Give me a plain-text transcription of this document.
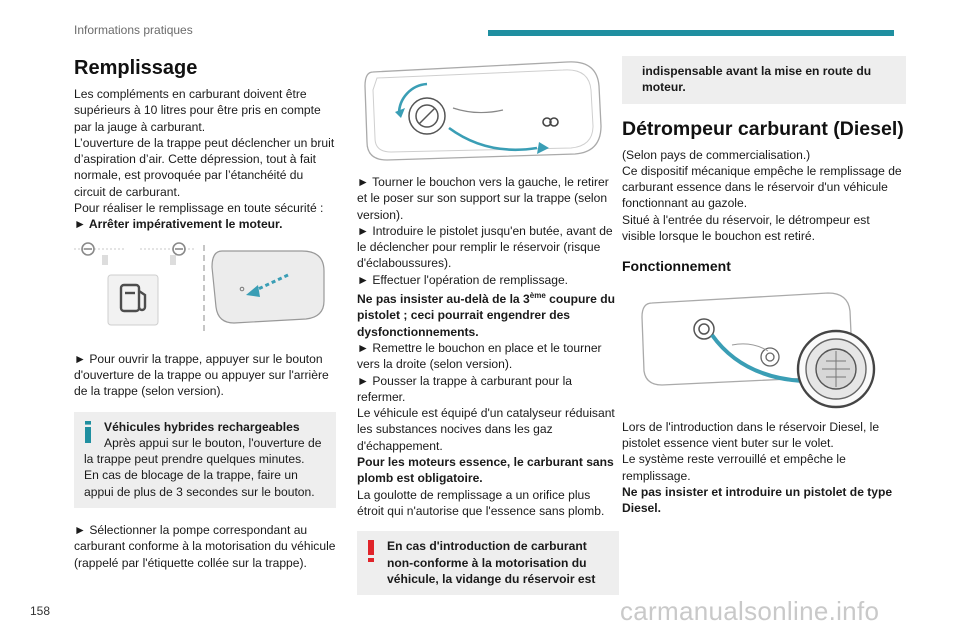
Informations pratiques
Remplissage

Les compléments en carburant doivent être supérieurs à 10 litres pour être pris en compte par la jauge à carburant.

L’ouverture de la trappe peut déclencher un bruit d’aspiration d’air. Cette dépression, tout à fait normale, est provoquée par l’étanchéité du circuit de carburant.

Pour réaliser le remplissage en toute sécurité :

► Arrêter impérativement le moteur.

► Pour ouvrir la trappe, appuyer sur le bouton d'ouverture de la trappe ou appuyer sur l'arrière de la trappe (selon version).

Véhicules hybrides rechargeables
Après appui sur le bouton, l'ouverture de la trappe peut prendre quelques minutes.
En cas de blocage de la trappe, faire un appui de plus de 3 secondes sur le bouton.

► Sélectionner la pompe correspondant au carburant conforme à la motorisation du véhicule (rappelé par l'étiquette collée sur la trappe).

► Tourner le bouchon vers la gauche, le retirer et le poser sur son support sur la trappe (selon version).

► Introduire le pistolet jusqu'en butée, avant de le déclencher pour remplir le réservoir (risque d'éclaboussures).

► Effectuer l'opération de remplissage.

Ne pas insister au-delà de la 3ème coupure du pistolet ; ceci pourrait engendrer des dysfonctionnements.

► Remettre le bouchon en place et le tourner vers la droite (selon version).

► Pousser la trappe à carburant pour la refermer.

Le véhicule est équipé d'un catalyseur réduisant les substances nocives dans les gaz d'échappement.

Pour les moteurs essence, le carburant sans plomb est obligatoire.

La goulotte de remplissage a un orifice plus étroit qui n'autorise que l'essence sans plomb.

En cas d'introduction de carburant non-conforme à la motorisation du véhicule, la vidange du réservoir est
indispensable avant la mise en route du moteur.
Détrompeur carburant (Diesel)

(Selon pays de commercialisation.)

Ce dispositif mécanique empêche le remplissage de carburant essence dans le réservoir d'un véhicule fonctionnant au gazole.

Situé à l'entrée du réservoir, le détrompeur est visible lorsque le bouchon est retiré.

Fonctionnement

Lors de l'introduction dans le réservoir Diesel, le pistolet essence vient buter sur le volet.

Le système reste verrouillé et empêche le remplissage.

Ne pas insister et introduire un pistolet de type Diesel.

158	carmanualsonline.info
